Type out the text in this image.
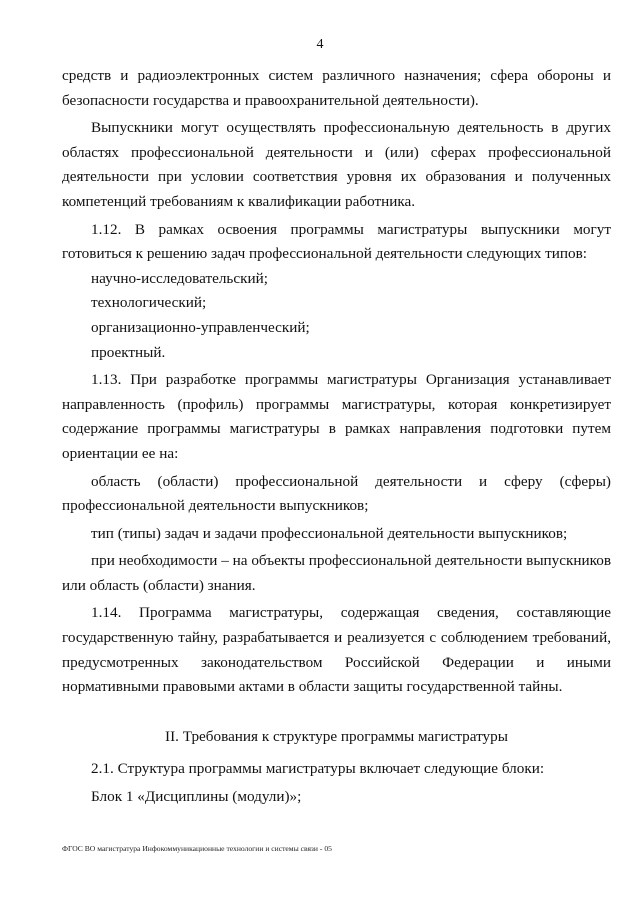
4

средств и радиоэлектронных систем различного назначения; сфера обороны и безопасности государства и правоохранительной деятельности).

Выпускники могут осуществлять профессиональную деятельность в других областях профессиональной деятельности и (или) сферах профессиональной деятельности при условии соответствия уровня их образования и полученных компетенций требованиям к квалификации работника.

1.12. В рамках освоения программы магистратуры выпускники могут готовиться к решению задач профессиональной деятельности следующих типов:

научно-исследовательский;

технологический;

организационно-управленческий;

проектный.

1.13. При разработке программы магистратуры Организация устанавливает направленность (профиль) программы магистратуры, которая конкретизирует содержание программы магистратуры в рамках направления подготовки путем ориентации ее на:

область (области) профессиональной деятельности и сферу (сферы) профессиональной деятельности выпускников;

тип (типы) задач и задачи профессиональной деятельности выпускников;

при необходимости – на объекты профессиональной деятельности выпускников или область (области) знания.

1.14. Программа магистратуры, содержащая сведения, составляющие государственную тайну, разрабатывается и реализуется с соблюдением требований, предусмотренных законодательством Российской Федерации и иными нормативными правовыми актами в области защиты государственной тайны.

II. Требования к структуре программы магистратуры

2.1. Структура программы магистратуры включает следующие блоки:

Блок 1 «Дисциплины (модули)»;

ФГОС ВО магистратура Инфокоммуникационные технологии и системы связи - 05
